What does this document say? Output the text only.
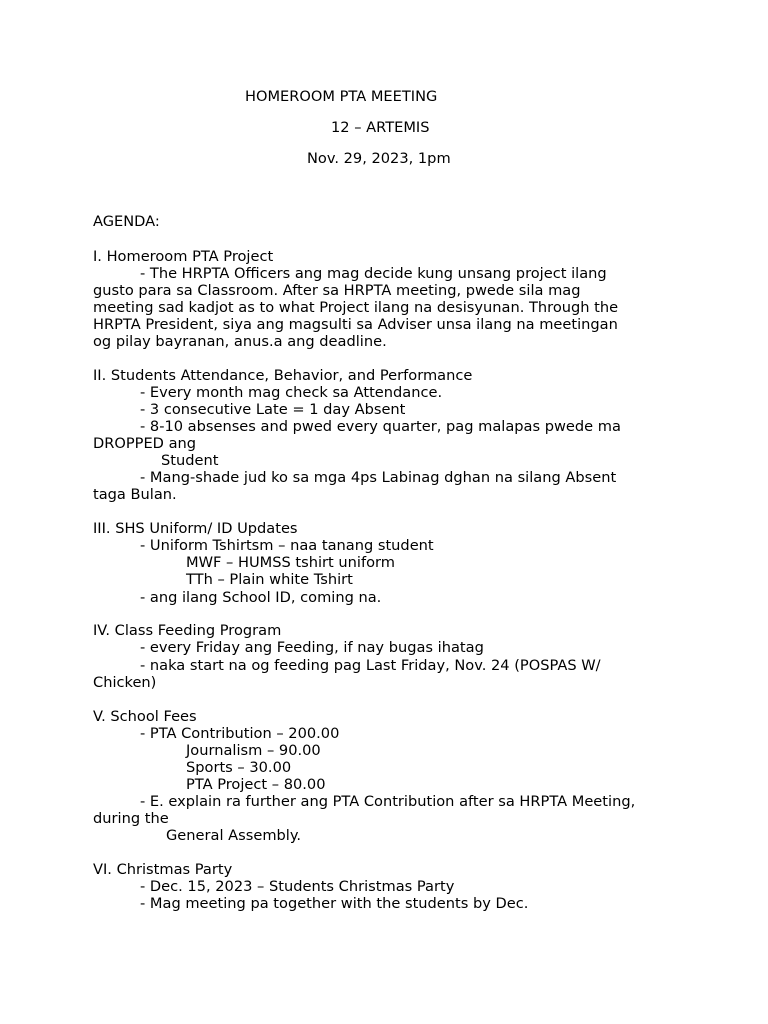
HOMEROOM PTA MEETING

12 – ARTEMIS

Nov. 29, 2023, 1pm

AGENDA:

I. Homeroom PTA Project

- The HRPTA Officers ang mag decide kung unsang project ilang

gusto para sa Classroom. After sa HRPTA meeting, pwede sila mag

meeting sad kadjot as to what Project ilang na desisyunan. Through the

HRPTA President, siya ang magsulti sa Adviser unsa ilang na meetingan

og pilay bayranan, anus.a ang deadline.

II. Students Attendance, Behavior, and Performance

- Every month mag check sa Attendance.

- 3 consecutive Late = 1 day Absent

- 8-10 absenses and pwed every quarter, pag malapas pwede ma

DROPPED ang

Student

- Mang-shade jud ko sa mga 4ps Labinag dghan na silang Absent

taga Bulan.

III. SHS Uniform/ ID Updates

- Uniform Tshirtsm – naa tanang student

MWF – HUMSS tshirt uniform

TTh – Plain white Tshirt

- ang ilang School ID, coming na.

IV. Class Feeding Program

- every Friday ang Feeding, if nay bugas ihatag

- naka start na og feeding pag Last Friday, Nov. 24 (POSPAS W/

Chicken)

V. School Fees

- PTA Contribution – 200.00

Journalism – 90.00

Sports – 30.00

PTA Project – 80.00

- E. explain ra further ang PTA Contribution after sa HRPTA Meeting,

during the

General Assembly.

VI. Christmas Party

- Dec. 15, 2023 – Students Christmas Party

- Mag meeting pa together with the students by Dec.
